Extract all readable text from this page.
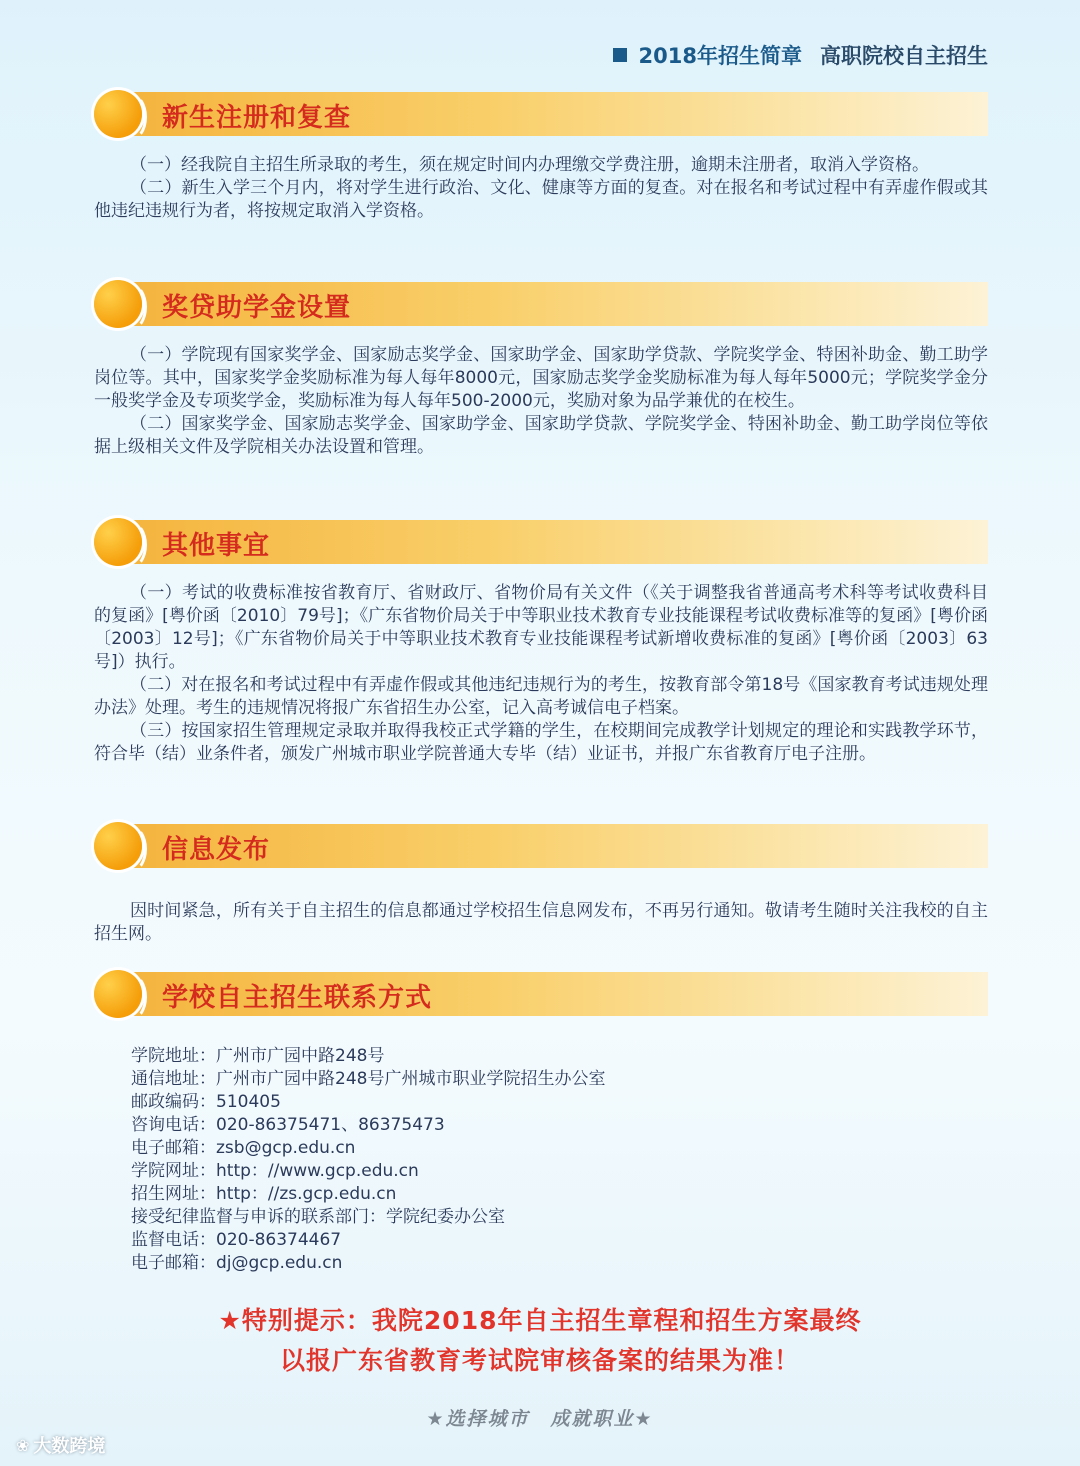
2018年招生简章 高职院校自主招生
新生注册和复查

（一）经我院自主招生所录取的考生，须在规定时间内办理缴交学费注册，逾期未注册者，取消入学资格。

（二）新生入学三个月内，将对学生进行政治、文化、健康等方面的复查。对在报名和考试过程中有弄虚作假或其他违纪违规行为者，将按规定取消入学资格。

奖贷助学金设置

（一）学院现有国家奖学金、国家励志奖学金、国家助学金、国家助学贷款、学院奖学金、特困补助金、勤工助学岗位等。其中，国家奖学金奖励标准为每人每年8000元，国家励志奖学金奖励标准为每人每年5000元；学院奖学金分一般奖学金及专项奖学金，奖励标准为每人每年500-2000元，奖励对象为品学兼优的在校生。

（二）国家奖学金、国家励志奖学金、国家助学金、国家助学贷款、学院奖学金、特困补助金、勤工助学岗位等依据上级相关文件及学院相关办法设置和管理。

其他事宜

（一）考试的收费标准按省教育厅、省财政厅、省物价局有关文件（《关于调整我省普通高考术科等考试收费科目的复函》[粤价函〔2010〕79号]；《广东省物价局关于中等职业技术教育专业技能课程考试收费标准等的复函》[粤价函〔2003〕12号]；《广东省物价局关于中等职业技术教育专业技能课程考试新增收费标准的复函》[粤价函〔2003〕63号]）执行。

（二）对在报名和考试过程中有弄虚作假或其他违纪违规行为的考生，按教育部令第18号《国家教育考试违规处理办法》处理。考生的违规情况将报广东省招生办公室，记入高考诚信电子档案。

（三）按国家招生管理规定录取并取得我校正式学籍的学生，在校期间完成教学计划规定的理论和实践教学环节，符合毕（结）业条件者，颁发广州城市职业学院普通大专毕（结）业证书，并报广东省教育厅电子注册。

信息发布

因时间紧急，所有关于自主招生的信息都通过学校招生信息网发布，不再另行通知。敬请考生随时关注我校的自主招生网。

学校自主招生联系方式
学院地址： 广州市广园中路248号
通信地址： 广州市广园中路248号广州城市职业学院招生办公室
邮政编码： 510405
咨询电话： 020-86375471、86375473
电子邮箱： zsb@gcp.edu.cn
学院网址： http：//www.gcp.edu.cn
招生网址： http：//zs.gcp.edu.cn
接受纪律监督与申诉的联系部门： 学院纪委办公室
监督电话： 020-86374467
电子邮箱： dj@gcp.edu.cn
★特别提示：我院2018年自主招生章程和招生方案最终
以报广东省教育考试院审核备案的结果为准！
★选择城市　成就职业★
❀ 大数跨境
